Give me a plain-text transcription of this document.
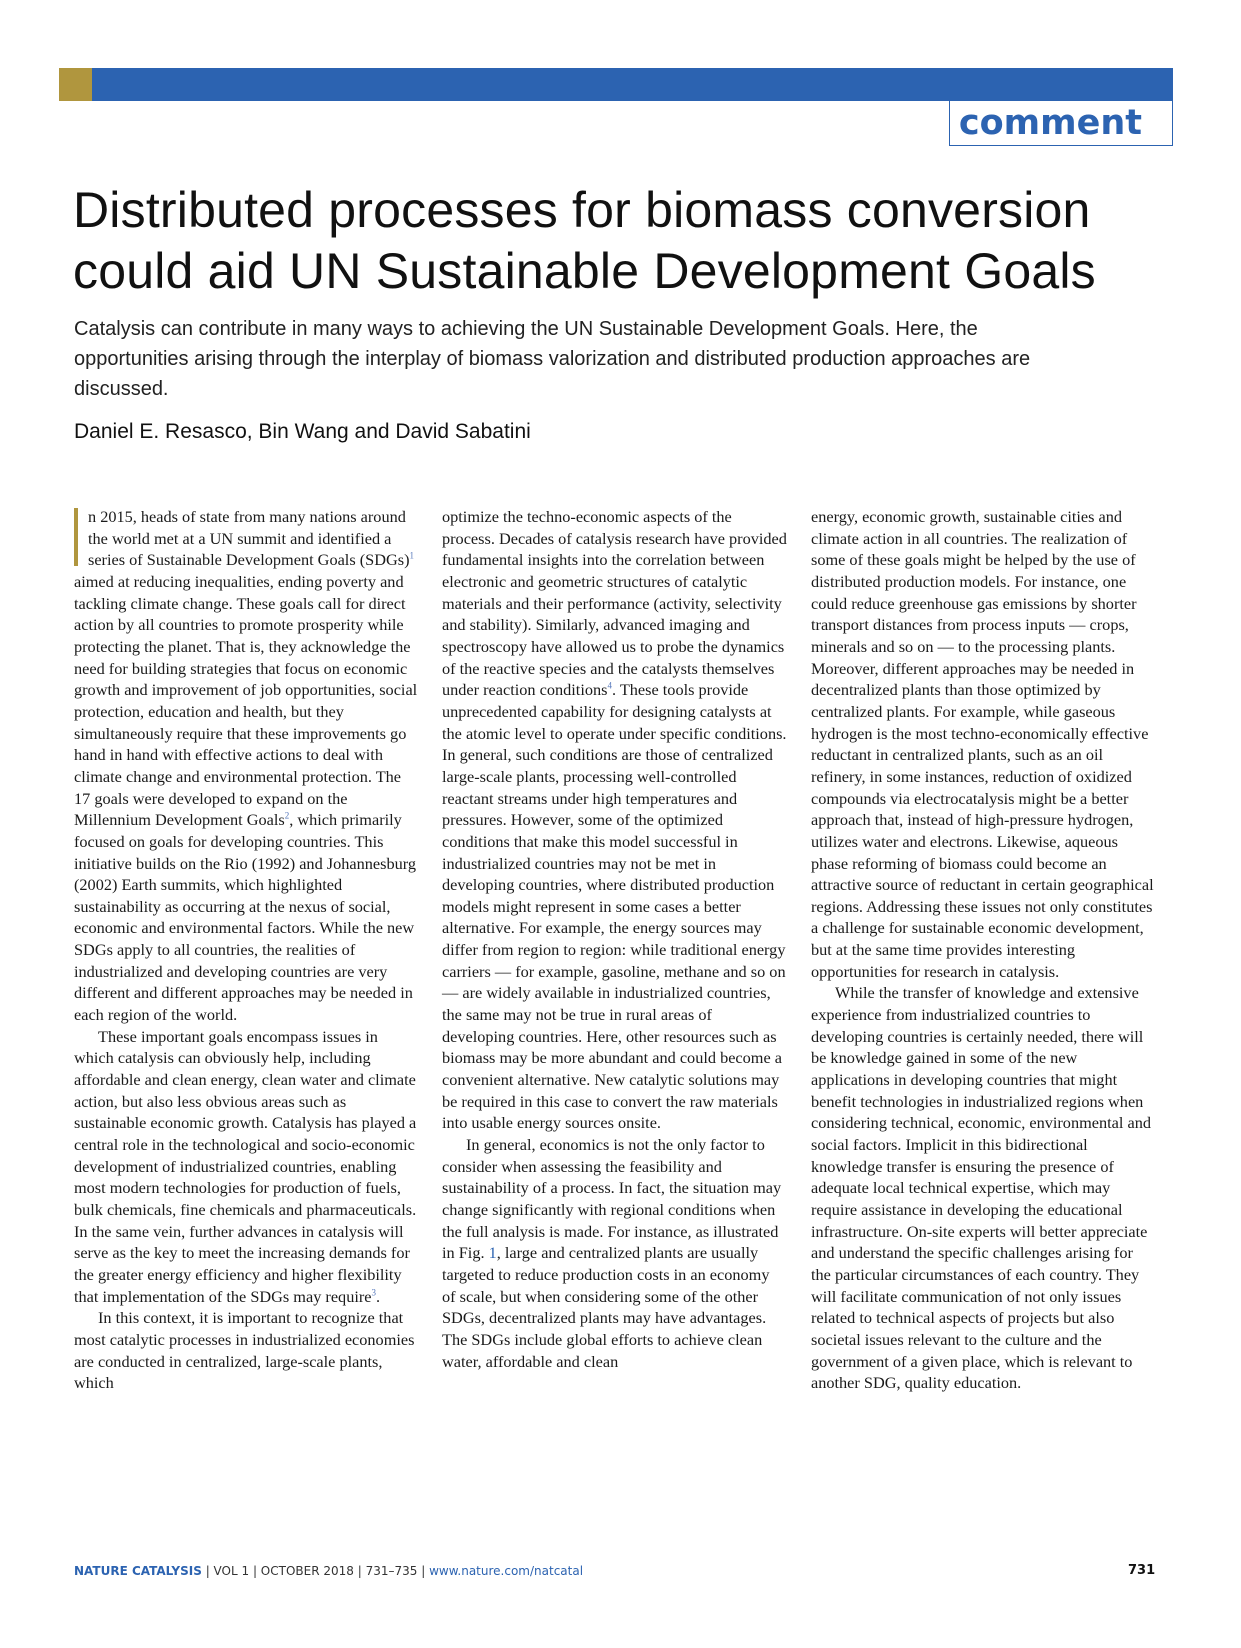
comment
Distributed processes for biomass conversion could aid UN Sustainable Development Goals

Catalysis can contribute in many ways to achieving the UN Sustainable Development Goals. Here, the opportunities arising through the interplay of biomass valorization and distributed production approaches are discussed.

Daniel E. Resasco, Bin Wang and David Sabatini

n 2015, heads of state from many nations around the world met at a UN summit and identified a series of Sustainable Development Goals (SDGs)$^1$ aimed at reducing inequalities, ending poverty and tackling climate change. These goals call for direct action by all countries to promote prosperity while protecting the planet. That is, they acknowledge the need for building strategies that focus on economic growth and improvement of job opportunities, social protection, education and health, but they simultaneously require that these improvements go hand in hand with effective actions to deal with climate change and environmental protection. The 17 goals were developed to expand on the Millennium Development Goals$^2$, which primarily focused on goals for developing countries. This initiative builds on the Rio (1992) and Johannesburg (2002) Earth summits, which highlighted sustainability as occurring at the nexus of social, economic and environmental factors. While the new SDGs apply to all countries, the realities of industrialized and developing countries are very different and different approaches may be needed in each region of the world.

These important goals encompass issues in which catalysis can obviously help, including affordable and clean energy, clean water and climate action, but also less obvious areas such as sustainable economic growth. Catalysis has played a central role in the technological and socio-economic development of industrialized countries, enabling most modern technologies for production of fuels, bulk chemicals, fine chemicals and pharmaceuticals. In the same vein, further advances in catalysis will serve as the key to meet the increasing demands for the greater energy efficiency and higher flexibility that implementation of the SDGs may require$^3$.

In this context, it is important to recognize that most catalytic processes in industrialized economies are conducted in centralized, large-scale plants, which

optimize the techno-economic aspects of the process. Decades of catalysis research have provided fundamental insights into the correlation between electronic and geometric structures of catalytic materials and their performance (activity, selectivity and stability). Similarly, advanced imaging and spectroscopy have allowed us to probe the dynamics of the reactive species and the catalysts themselves under reaction conditions$^4$. These tools provide unprecedented capability for designing catalysts at the atomic level to operate under specific conditions. In general, such conditions are those of centralized large-scale plants, processing well-controlled reactant streams under high temperatures and pressures. However, some of the optimized conditions that make this model successful in industrialized countries may not be met in developing countries, where distributed production models might represent in some cases a better alternative. For example, the energy sources may differ from region to region: while traditional energy carriers — for example, gasoline, methane and so on — are widely available in industrialized countries, the same may not be true in rural areas of developing countries. Here, other resources such as biomass may be more abundant and could become a convenient alternative. New catalytic solutions may be required in this case to convert the raw materials into usable energy sources onsite.

In general, economics is not the only factor to consider when assessing the feasibility and sustainability of a process. In fact, the situation may change significantly with regional conditions when the full analysis is made. For instance, as illustrated in Fig. 1, large and centralized plants are usually targeted to reduce production costs in an economy of scale, but when considering some of the other SDGs, decentralized plants may have advantages. The SDGs include global efforts to achieve clean water, affordable and clean

energy, economic growth, sustainable cities and climate action in all countries. The realization of some of these goals might be helped by the use of distributed production models. For instance, one could reduce greenhouse gas emissions by shorter transport distances from process inputs — crops, minerals and so on — to the processing plants. Moreover, different approaches may be needed in decentralized plants than those optimized by centralized plants. For example, while gaseous hydrogen is the most techno-economically effective reductant in centralized plants, such as an oil refinery, in some instances, reduction of oxidized compounds via electrocatalysis might be a better approach that, instead of high-pressure hydrogen, utilizes water and electrons. Likewise, aqueous phase reforming of biomass could become an attractive source of reductant in certain geographical regions. Addressing these issues not only constitutes a challenge for sustainable economic development, but at the same time provides interesting opportunities for research in catalysis.

While the transfer of knowledge and extensive experience from industrialized countries to developing countries is certainly needed, there will be knowledge gained in some of the new applications in developing countries that might benefit technologies in industrialized regions when considering technical, economic, environmental and social factors. Implicit in this bidirectional knowledge transfer is ensuring the presence of adequate local technical expertise, which may require assistance in developing the educational infrastructure. On-site experts will better appreciate and understand the specific challenges arising for the particular circumstances of each country. They will facilitate communication of not only issues related to technical aspects of projects but also societal issues relevant to the culture and the government of a given place, which is relevant to another SDG, quality education.

NATURE CATALYSIS | VOL 1 | OCTOBER 2018 | 731–735 | www.nature.com/natcatal	731
